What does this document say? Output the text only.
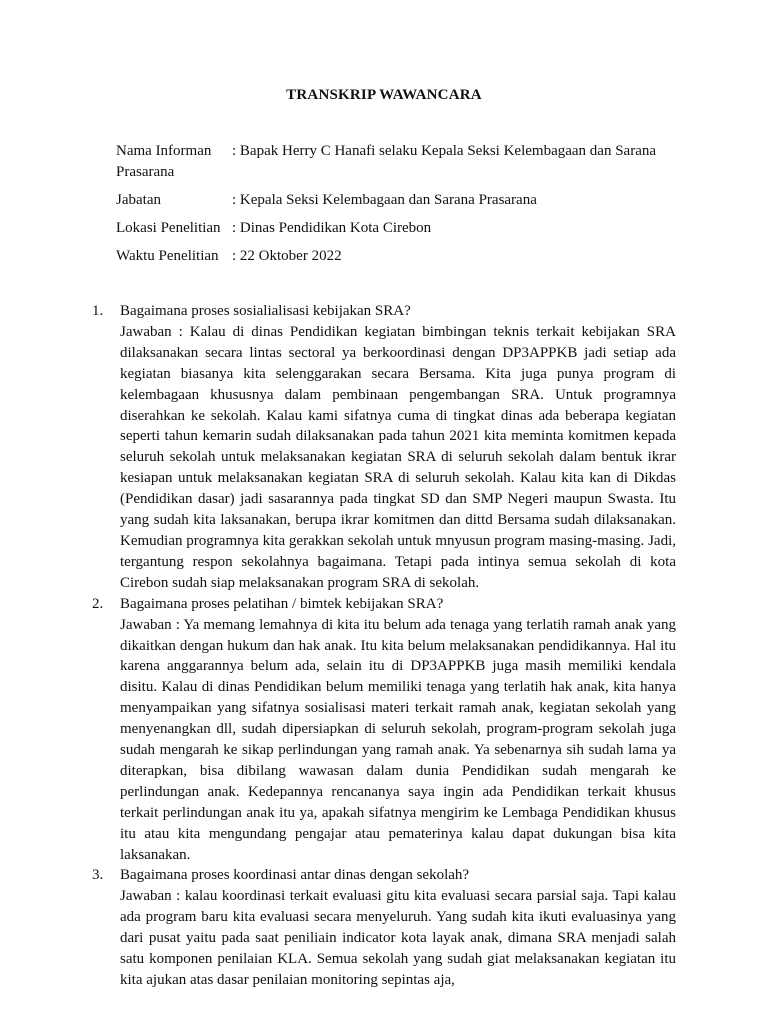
TRANSKRIP WAWANCARA
Nama Informan : Bapak Herry C Hanafi selaku Kepala Seksi Kelembagaan dan Sarana Prasarana
Jabatan	: Kepala Seksi Kelembagaan dan Sarana Prasarana
Lokasi Penelitian : Dinas Pendidikan Kota Cirebon
Waktu Penelitian : 22 Oktober 2022
1.	Bagaimana proses sosialialisasi kebijakan SRA?
Jawaban : Kalau di dinas Pendidikan kegiatan bimbingan teknis terkait kebijakan SRA dilaksanakan secara lintas sectoral ya berkoordinasi dengan DP3APPKB jadi setiap ada kegiatan biasanya kita selenggarakan secara Bersama. Kita juga punya program di kelembagaan khususnya dalam pembinaan pengembangan SRA. Untuk programnya diserahkan ke sekolah. Kalau kami sifatnya cuma di tingkat dinas ada beberapa kegiatan seperti tahun kemarin sudah dilaksanakan pada tahun 2021 kita meminta komitmen kepada seluruh sekolah untuk melaksanakan kegiatan SRA di seluruh sekolah dalam bentuk ikrar kesiapan untuk melaksanakan kegiatan SRA di seluruh sekolah. Kalau kita kan di Dikdas (Pendidikan dasar) jadi sasarannya pada tingkat SD dan SMP Negeri maupun Swasta. Itu yang sudah kita laksanakan, berupa ikrar komitmen dan dittd Bersama sudah dilaksanakan. Kemudian programnya kita gerakkan sekolah untuk mnyusun program masing-masing. Jadi, tergantung respon sekolahnya bagaimana. Tetapi pada intinya semua sekolah di kota Cirebon sudah siap melaksanakan program SRA di sekolah.
2.	Bagaimana proses pelatihan / bimtek kebijakan SRA?
Jawaban : Ya memang lemahnya di kita itu belum ada tenaga yang terlatih ramah anak yang dikaitkan dengan hukum dan hak anak. Itu kita belum melaksanakan pendidikannya. Hal itu karena anggarannya belum ada, selain itu di DP3APPKB juga masih memiliki kendala disitu. Kalau di dinas Pendidikan belum memiliki tenaga yang terlatih hak anak, kita hanya menyampaikan yang sifatnya sosialisasi materi terkait ramah anak, kegiatan sekolah yang menyenangkan dll, sudah dipersiapkan di seluruh sekolah, program-program sekolah juga sudah mengarah ke sikap perlindungan yang ramah anak. Ya sebenarnya sih sudah lama ya diterapkan, bisa dibilang wawasan dalam dunia Pendidikan sudah mengarah ke perlindungan anak. Kedepannya rencananya saya ingin ada Pendidikan terkait khusus terkait perlindungan anak itu ya, apakah sifatnya mengirim ke Lembaga Pendidikan khusus itu atau kita mengundang pengajar atau pematerinya kalau dapat dukungan bisa kita laksanakan.
3.	Bagaimana proses koordinasi antar dinas dengan sekolah?
Jawaban : kalau koordinasi terkait evaluasi gitu kita evaluasi secara parsial saja. Tapi kalau ada program baru kita evaluasi secara menyeluruh. Yang sudah kita ikuti evaluasinya yang dari pusat yaitu pada saat peniliain indicator kota layak anak, dimana SRA menjadi salah satu komponen penilaian KLA. Semua sekolah yang sudah giat melaksanakan kegiatan itu kita ajukan atas dasar penilaian monitoring sepintas aja,
